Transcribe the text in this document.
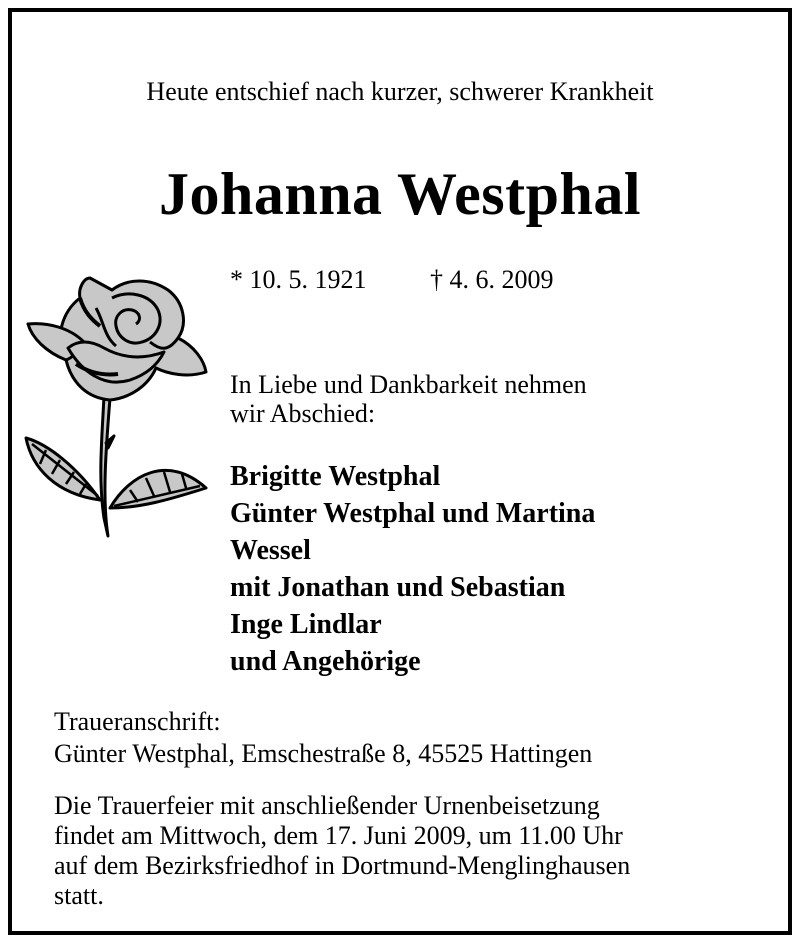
Heute entschief nach kurzer, schwerer Krankheit

Johanna Westphal

* 10. 5. 1921 † 4. 6. 2009

In Liebe und Dankbarkeit nehmen
wir Abschied:

Brigitte Westphal
Günter Westphal und Martina
Wessel
mit Jonathan und Sebastian
Inge Lindlar
und Angehörige

Traueranschrift:
Günter Westphal, Emschestraße 8, 45525 Hattingen

Die Trauerfeier mit anschließender Urnenbeisetzung
findet am Mittwoch, dem 17. Juni 2009, um 11.00 Uhr
auf dem Bezirksfriedhof in Dortmund-Menglinghausen
statt.
